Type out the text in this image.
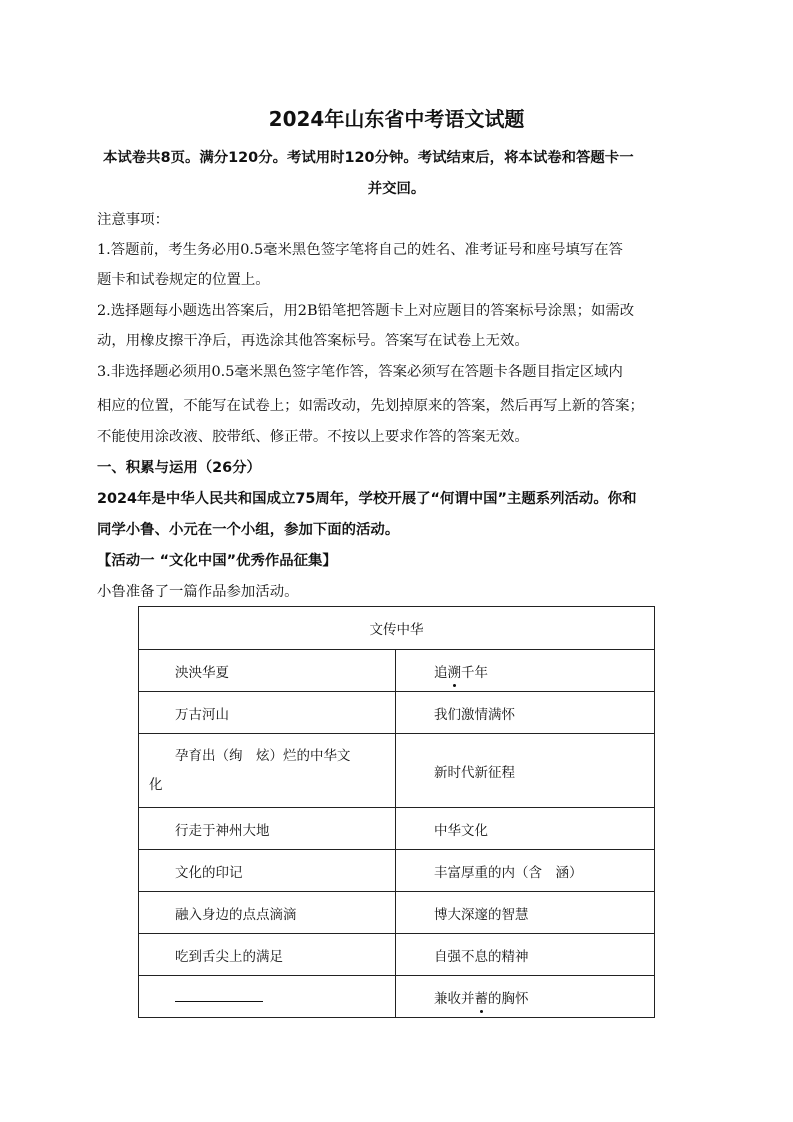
2024年山东省中考语文试题
本试卷共8页。满分120分。考试用时120分钟。考试结束后，将本试卷和答题卡一
并交回。
注意事项：
1.答题前，考生务必用0.5毫米黑色签字笔将自己的姓名、准考证号和座号填写在答
题卡和试卷规定的位置上。
2.选择题每小题选出答案后，用2B铅笔把答题卡上对应题目的答案标号涂黑；如需改
动，用橡皮擦干净后，再选涂其他答案标号。答案写在试卷上无效。
3.非选择题必须用0.5毫米黑色签字笔作答，答案必须写在答题卡各题目指定区域内
相应的位置，不能写在试卷上；如需改动，先划掉原来的答案，然后再写上新的答案；
不能使用涂改液、胶带纸、修正带。不按以上要求作答的答案无效。
一、积累与运用（26分）
2024年是中华人民共和国成立75周年，学校开展了“何谓中国”主题系列活动。你和
同学小鲁、小元在一个小组，参加下面的活动。
【活动一 “文化中国”优秀作品征集】
小鲁准备了一篇作品参加活动。
文传中华	
泱泱华夏	追溯千年
万古河山	我们激情满怀
孕育出（绚　炫）烂的中华文
化	新时代新征程
行走于神州大地	中华文化
文化的印记	丰富厚重的内（含　涵）
融入身边的点点滴滴	博大深邃的智慧
吃到舌尖上的满足	自强不息的精神
	兼收并蓄的胸怀
